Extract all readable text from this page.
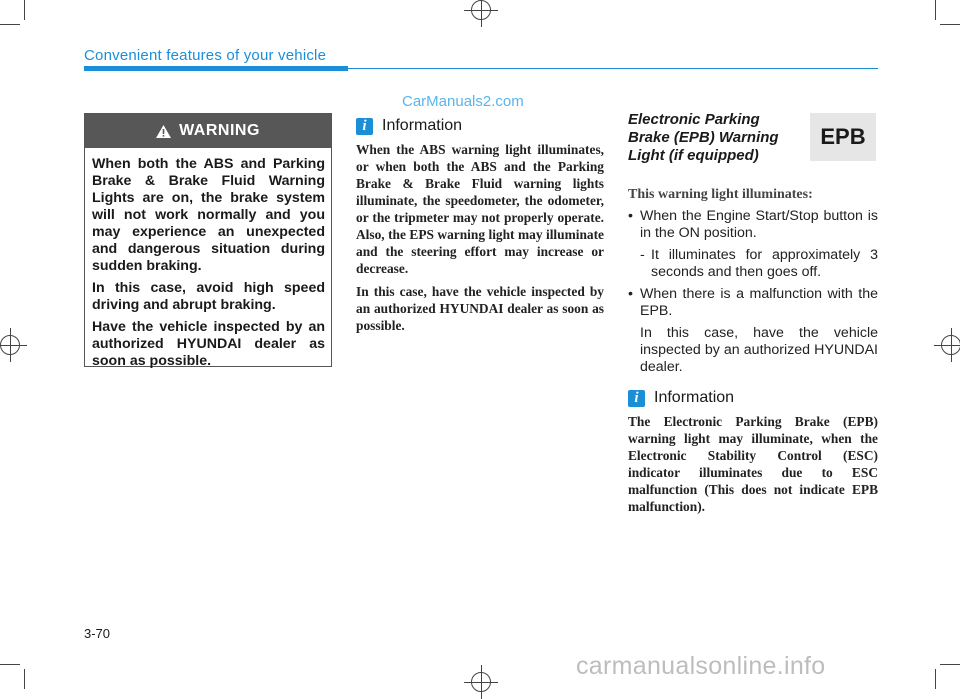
Convenient features of your vehicle
CarManuals2.com
WARNING

When both the ABS and Parking Brake & Brake Fluid Warning Lights are on, the brake system will not work normally and you may experience an unexpected and dangerous situation during sudden braking.

In this case, avoid high speed driving and abrupt braking.

Have the vehicle inspected by an authorized HYUNDAI dealer as soon as possible.

i Information

When the ABS warning light illuminates, or when both the ABS and the Parking Brake & Brake Fluid warning lights illuminate, the speedometer, the odometer, or the tripmeter may not properly operate. Also, the EPS warning light may illuminate and the steering effort may increase or decrease.

In this case, have the vehicle inspected by an authorized HYUNDAI dealer as soon as possible.

Electronic Parking Brake (EPB) Warning Light (if equipped)
EPB
This warning light illuminates:
• When the Engine Start/Stop button is in the ON position.
- It illuminates for approximately 3 seconds and then goes off.
• When there is a malfunction with the EPB.
In this case, have the vehicle inspected by an authorized HYUNDAI dealer.
i Information
The Electronic Parking Brake (EPB) warning light may illuminate, when the Electronic Stability Control (ESC) indicator illuminates due to ESC malfunction (This does not indicate EPB malfunction).
3-70
carmanualsonline.info
